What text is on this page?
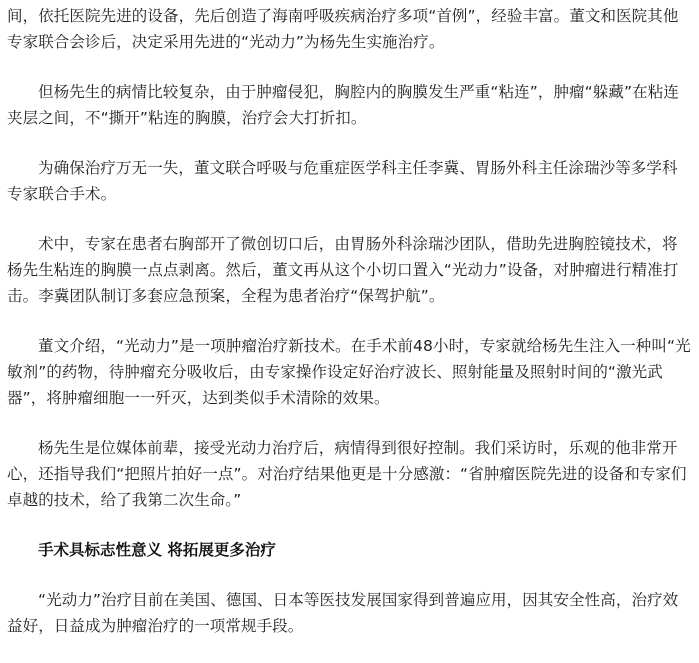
间，依托医院先进的设备，先后创造了海南呼吸疾病治疗多项“首例”，经验丰富。董文和医院其他专家联合会诊后，决定采用先进的“光动力”为杨先生实施治疗。

但杨先生的病情比较复杂，由于肿瘤侵犯，胸腔内的胸膜发生严重“粘连”，肿瘤“躲藏”在粘连夹层之间，不“撕开”粘连的胸膜，治疗会大打折扣。

为确保治疗万无一失，董文联合呼吸与危重症医学科主任李冀、胃肠外科主任涂瑞沙等多学科专家联合手术。

术中，专家在患者右胸部开了微创切口后，由胃肠外科涂瑞沙团队，借助先进胸腔镜技术，将杨先生粘连的胸膜一点点剥离。然后，董文再从这个小切口置入“光动力”设备，对肿瘤进行精准打击。李冀团队制订多套应急预案，全程为患者治疗“保驾护航”。

董文介绍，“光动力”是一项肿瘤治疗新技术。在手术前48小时，专家就给杨先生注入一种叫“光敏剂”的药物，待肿瘤充分吸收后，由专家操作设定好治疗波长、照射能量及照射时间的“激光武器”，将肿瘤细胞一一歼灭，达到类似手术清除的效果。

杨先生是位媒体前辈，接受光动力治疗后，病情得到很好控制。我们采访时，乐观的他非常开心，还指导我们“把照片拍好一点”。对治疗结果他更是十分感激：“省肿瘤医院先进的设备和专家们卓越的技术，给了我第二次生命。”

手术具标志性意义 将拓展更多治疗

“光动力”治疗目前在美国、德国、日本等医技发展国家得到普遍应用，因其安全性高，治疗效益好，日益成为肿瘤治疗的一项常规手段。
